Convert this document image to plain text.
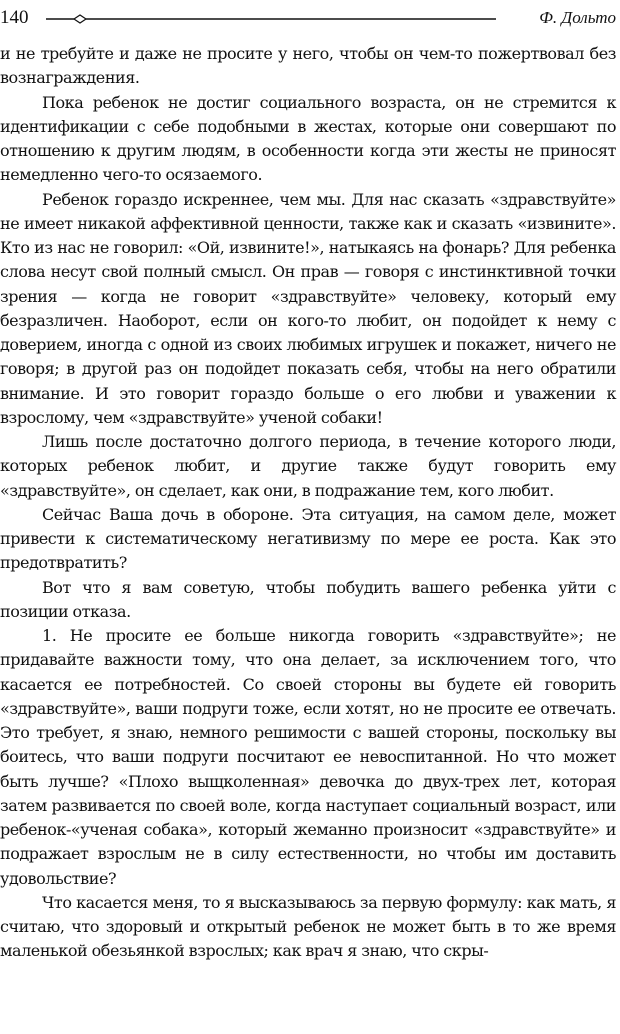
140	Ф. Дольто

и не требуйте и даже не просите у него, чтобы он чем-то пожертвовал без вознаграждения.

Пока ребенок не достиг социального возраста, он не стремится к идентификации с себе подобными в жестах, которые они совершают по отношению к другим людям, в особенности когда эти жесты не приносят немедленно чего-то осязаемого.

Ребенок гораздо искреннее, чем мы. Для нас сказать «здравствуйте» не имеет никакой аффективной ценности, также как и сказать «извините». Кто из нас не говорил: «Ой, извините!», натыкаясь на фонарь? Для ребенка слова несут свой полный смысл. Он прав — говоря с инстинктивной точки зрения — когда не говорит «здравствуйте» человеку, который ему безразличен. Наоборот, если он кого-то любит, он подойдет к нему с доверием, иногда с одной из своих любимых игрушек и покажет, ничего не говоря; в другой раз он подойдет показать себя, чтобы на него обратили внимание. И это говорит гораздо больше о его любви и уважении к взрослому, чем «здравствуйте» ученой собаки!

Лишь после достаточно долгого периода, в течение которого люди, которых ребенок любит, и другие также будут говорить ему «здравствуйте», он сделает, как они, в подражание тем, кого любит.

Сейчас Ваша дочь в обороне. Эта ситуация, на самом деле, может привести к систематическому негативизму по мере ее роста. Как это предотвратить?

Вот что я вам советую, чтобы побудить вашего ребенка уйти с позиции отказа.

1. Не просите ее больше никогда говорить «здравствуйте»; не придавайте важности тому, что она делает, за исключением того, что касается ее потребностей. Со своей стороны вы будете ей говорить «здравствуйте», ваши подруги тоже, если хотят, но не просите ее отвечать. Это требует, я знаю, немного решимости с вашей стороны, поскольку вы боитесь, что ваши подруги посчитают ее невоспитанной. Но что может быть лучше? «Плохо выщколенная» девочка до двух-трех лет, которая затем развивается по своей воле, когда наступает социальный возраст, или ребенок-«ученая собака», который жеманно произносит «здравствуйте» и подражает взрослым не в силу естественности, но чтобы им доставить удовольствие?

Что касается меня, то я высказываюсь за первую формулу: как мать, я считаю, что здоровый и открытый ребенок не может быть в то же время маленькой обезьянкой взрослых; как врач я знаю, что скры-
